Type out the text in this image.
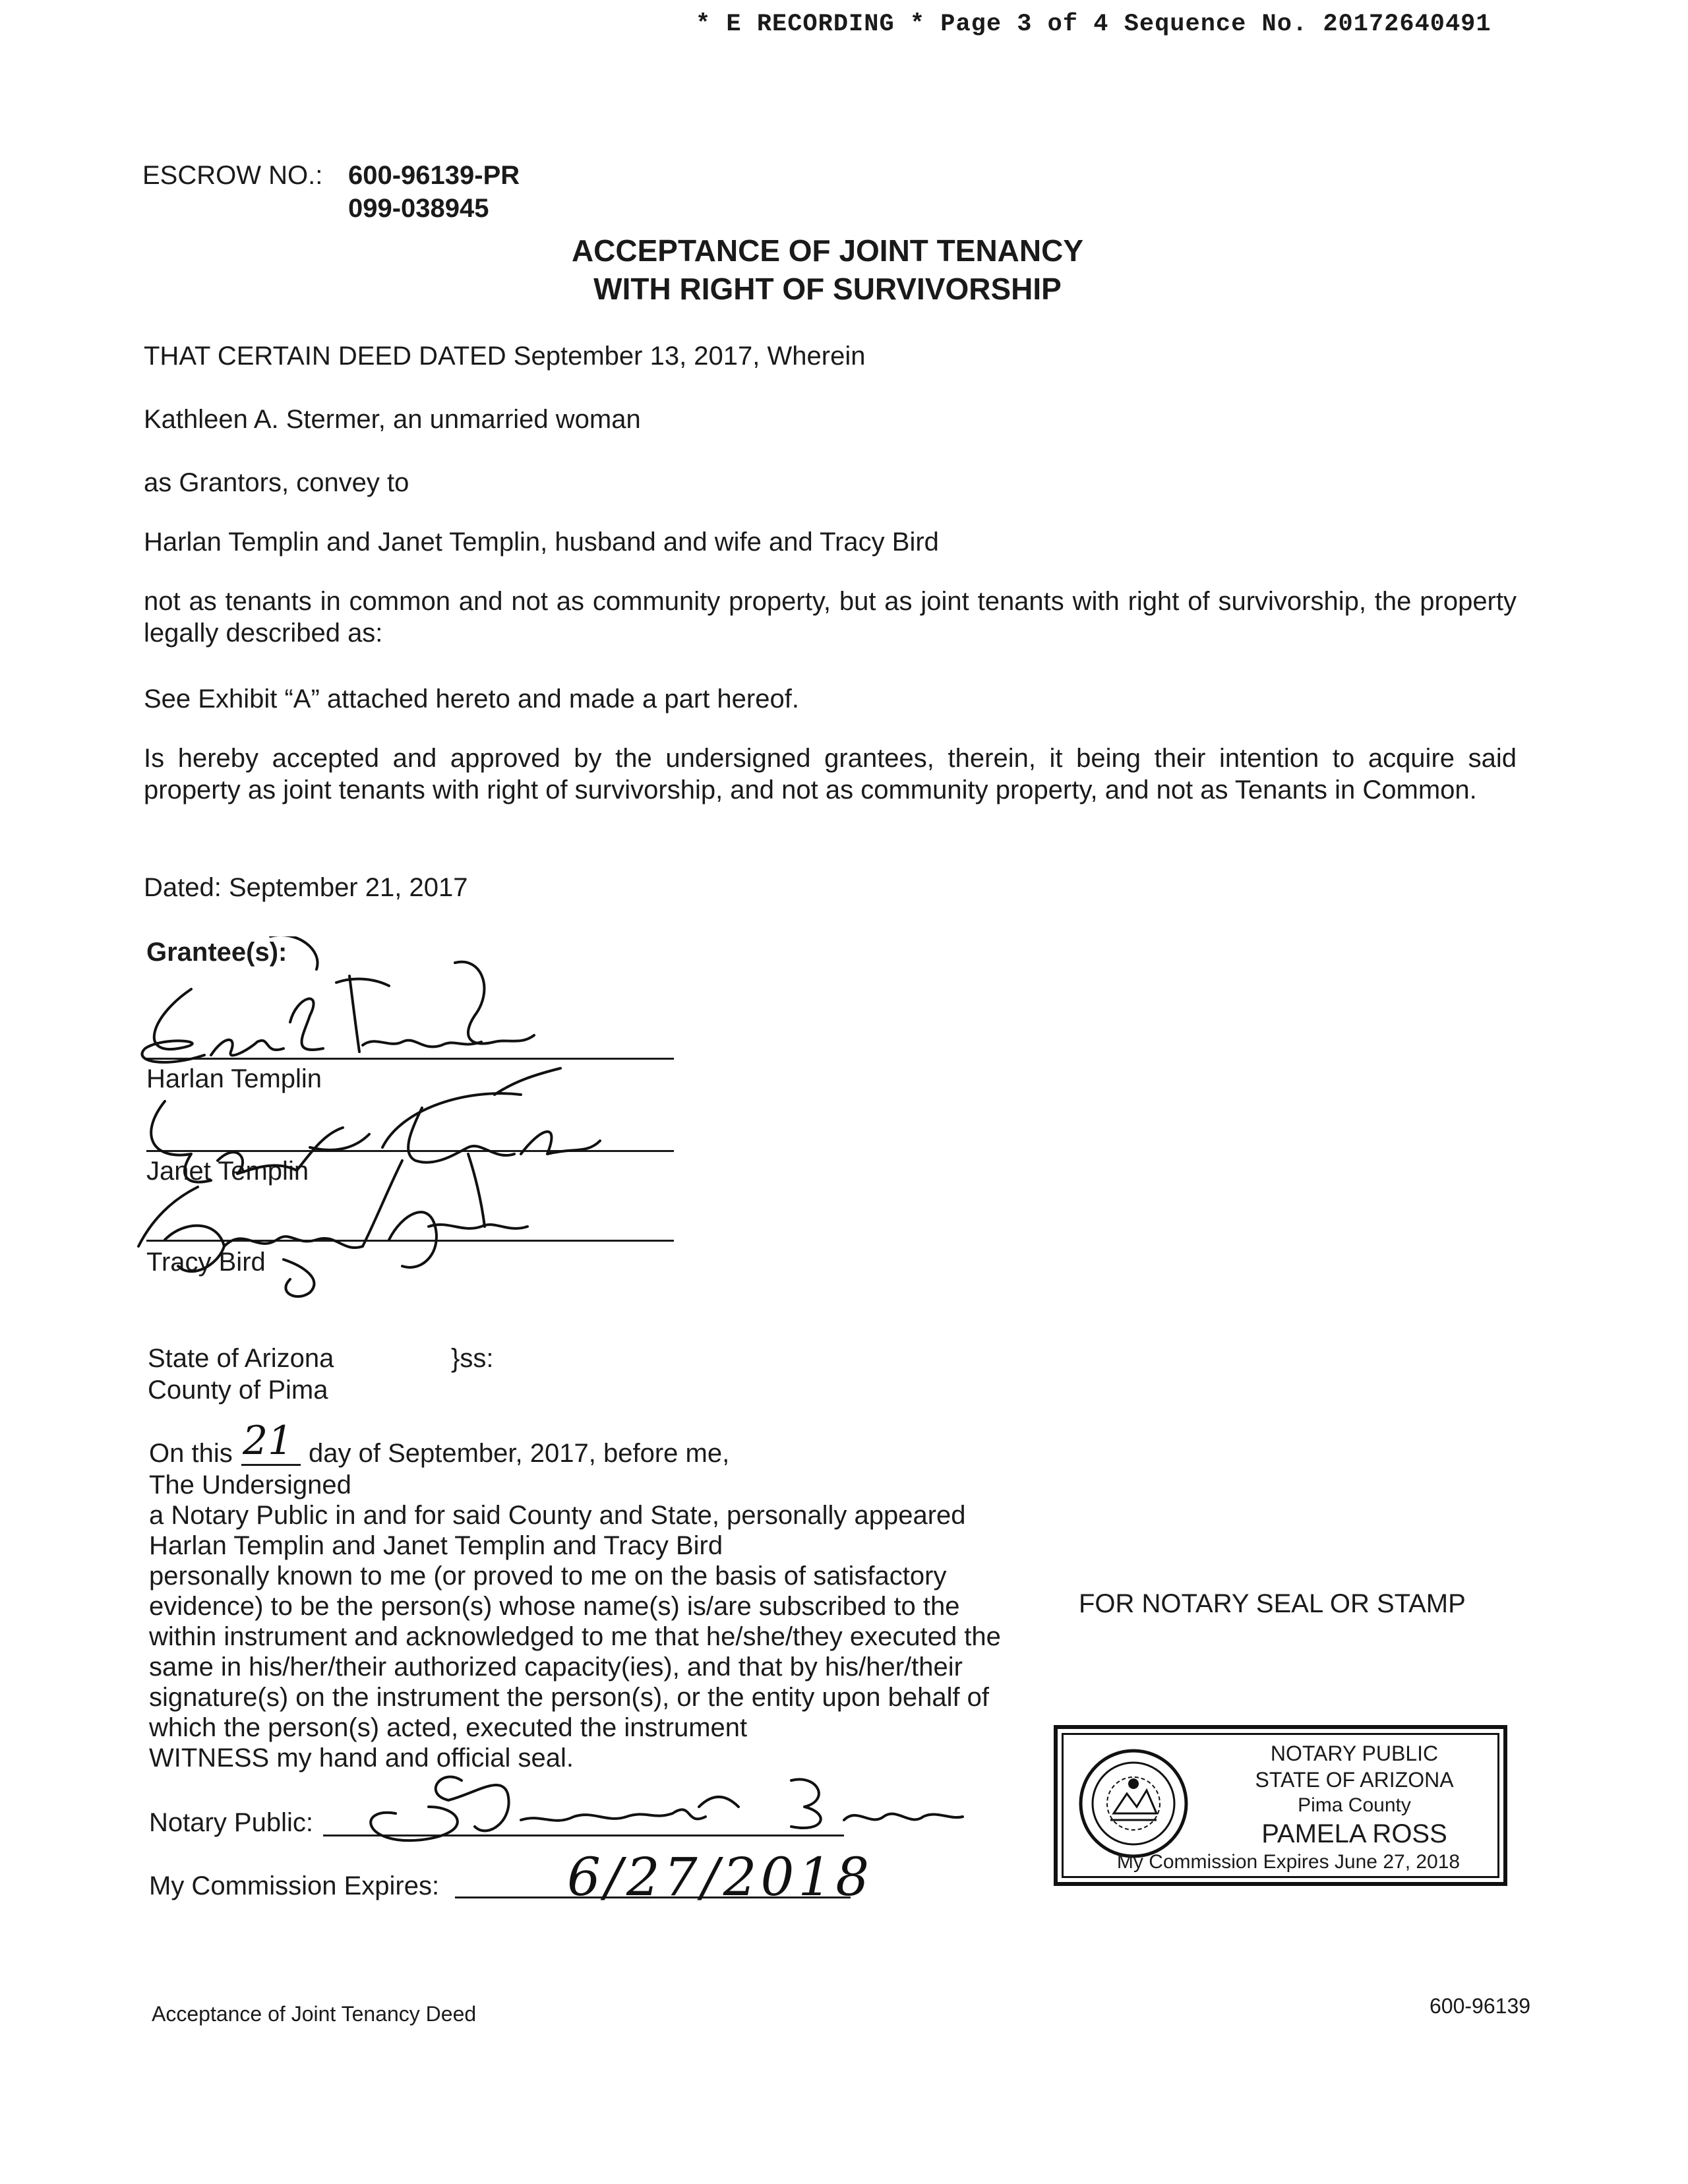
* E RECORDING * Page 3 of 4 Sequence No. 20172640491
ESCROW NO.: 600-96139-PR
099-038945
ACCEPTANCE OF JOINT TENANCY
WITH RIGHT OF SURVIVORSHIP
THAT CERTAIN DEED DATED September 13, 2017, Wherein
Kathleen A. Stermer, an unmarried woman
as Grantors, convey to
Harlan Templin and Janet Templin, husband and wife and Tracy Bird
not as tenants in common and not as community property, but as joint tenants with right of survivorship, the property legally described as:
See Exhibit “A” attached hereto and made a part hereof.
Is hereby accepted and approved by the undersigned grantees, therein, it being their intention to acquire said property as joint tenants with right of survivorship, and not as community property, and not as Tenants in Common.
Dated: September 21, 2017
Grantee(s):
Harlan Templin
Janet Templin
Tracy Bird
State of Arizona	}ss:
County of Pima
On this 21 day of September, 2017, before me,
The Undersigned
a Notary Public in and for said County and State, personally appeared
Harlan Templin and Janet Templin and Tracy Bird
personally known to me (or proved to me on the basis of satisfactory
evidence) to be the person(s) whose name(s) is/are subscribed to the
within instrument and acknowledged to me that he/she/they executed the
same in his/her/their authorized capacity(ies), and that by his/her/their
signature(s) on the instrument the person(s), or the entity upon behalf of
which the person(s) acted, executed the instrument
WITNESS my hand and official seal.
Notary Public:
My Commission Expires: 6/27/2018
FOR NOTARY SEAL OR STAMP
NOTARY PUBLIC
STATE OF ARIZONA
Pima County
PAMELA ROSS
My Commission Expires June 27, 2018
Acceptance of Joint Tenancy Deed	600-96139
